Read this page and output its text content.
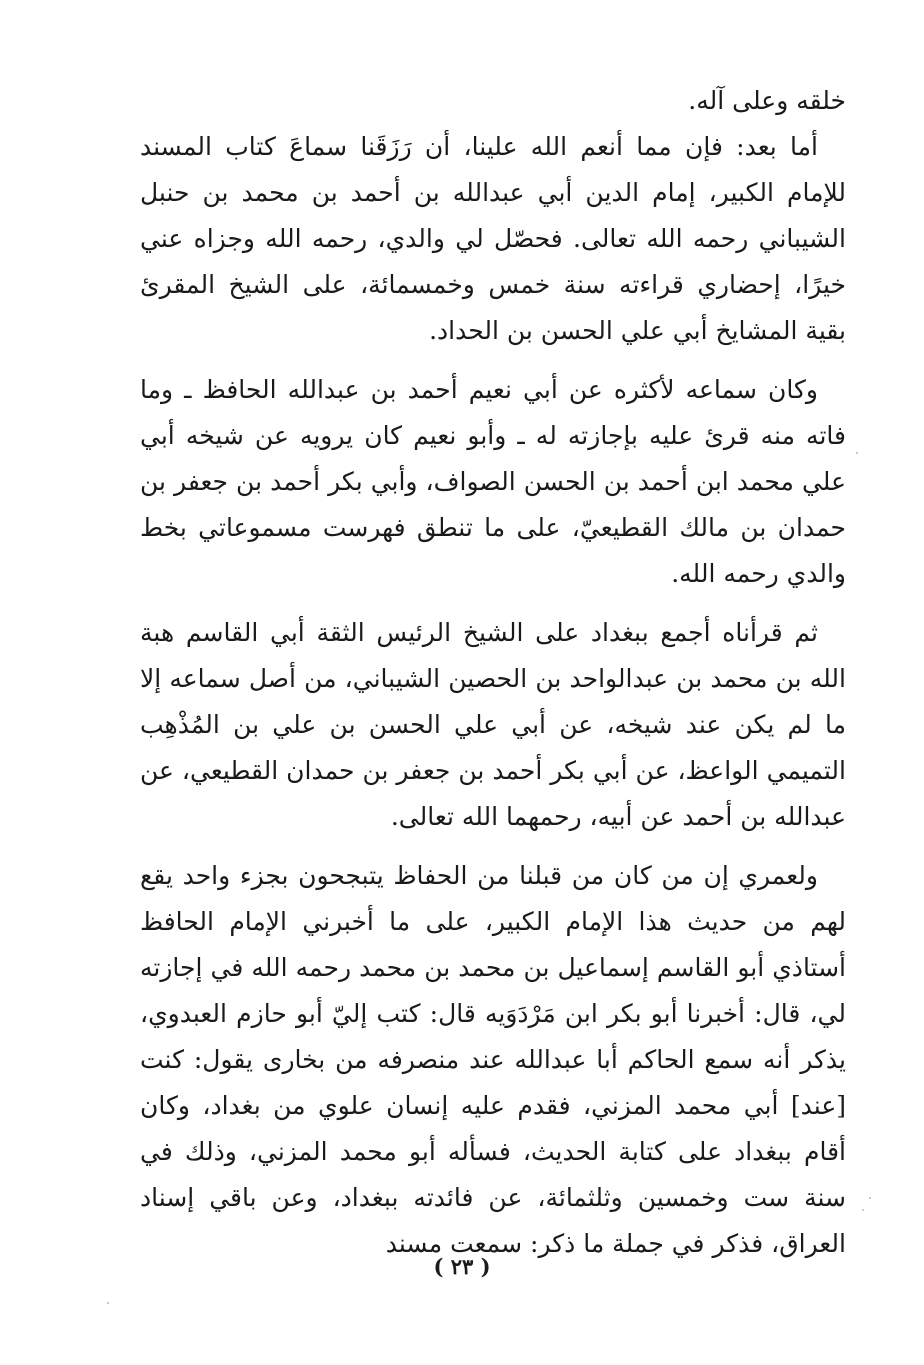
خلقه وعلى آله.

أما بعد: فإن مما أنعم الله علينا، أن رَزَقَنا سماعَ كتاب المسند للإمام الكبير، إمام الدين أبي عبدالله بن أحمد بن محمد بن حنبل الشيباني رحمه الله تعالى. فحصّل لي والدي، رحمه الله وجزاه عني خيرًا، إحضاري قراءته سنة خمس وخمسمائة، على الشيخ المقرئ بقية المشايخ أبي علي الحسن بن الحداد.

وكان سماعه لأكثره عن أبي نعيم أحمد بن عبدالله الحافظ ـ وما فاته منه قرئ عليه بإجازته له ـ وأبو نعيم كان يرويه عن شيخه أبي علي محمد ابن أحمد بن الحسن الصواف، وأبي بكر أحمد بن جعفر بن حمدان بن مالك القطيعيّ، على ما تنطق فهرست مسموعاتي بخط والدي رحمه الله.

ثم قرأناه أجمع ببغداد على الشيخ الرئيس الثقة أبي القاسم هبة الله بن محمد بن عبدالواحد بن الحصين الشيباني، من أصل سماعه إلا ما لم يكن عند شيخه، عن أبي علي الحسن بن علي بن المُذْهِب التميمي الواعظ، عن أبي بكر أحمد بن جعفر بن حمدان القطيعي، عن عبدالله بن أحمد عن أبيه، رحمهما الله تعالى.

ولعمري إن من كان من قبلنا من الحفاظ يتبجحون بجزء واحد يقع لهم من حديث هذا الإمام الكبير، على ما أخبرني الإمام الحافظ أستاذي أبو القاسم إسماعيل بن محمد بن محمد رحمه الله في إجازته لي، قال: أخبرنا أبو بكر ابن مَرْدَوَيه قال: كتب إليّ أبو حازم العبدوي، يذكر أنه سمع الحاكم أبا عبدالله عند منصرفه من بخارى يقول: كنت [عند] أبي محمد المزني، فقدم عليه إنسان علوي من بغداد، وكان أقام ببغداد على كتابة الحديث، فسأله أبو محمد المزني، وذلك في سنة ست وخمسين وثلثمائة، عن فائدته ببغداد، وعن باقي إسناد العراق، فذكر في جملة ما ذكر: سمعت مسند

( ٢٣ )
